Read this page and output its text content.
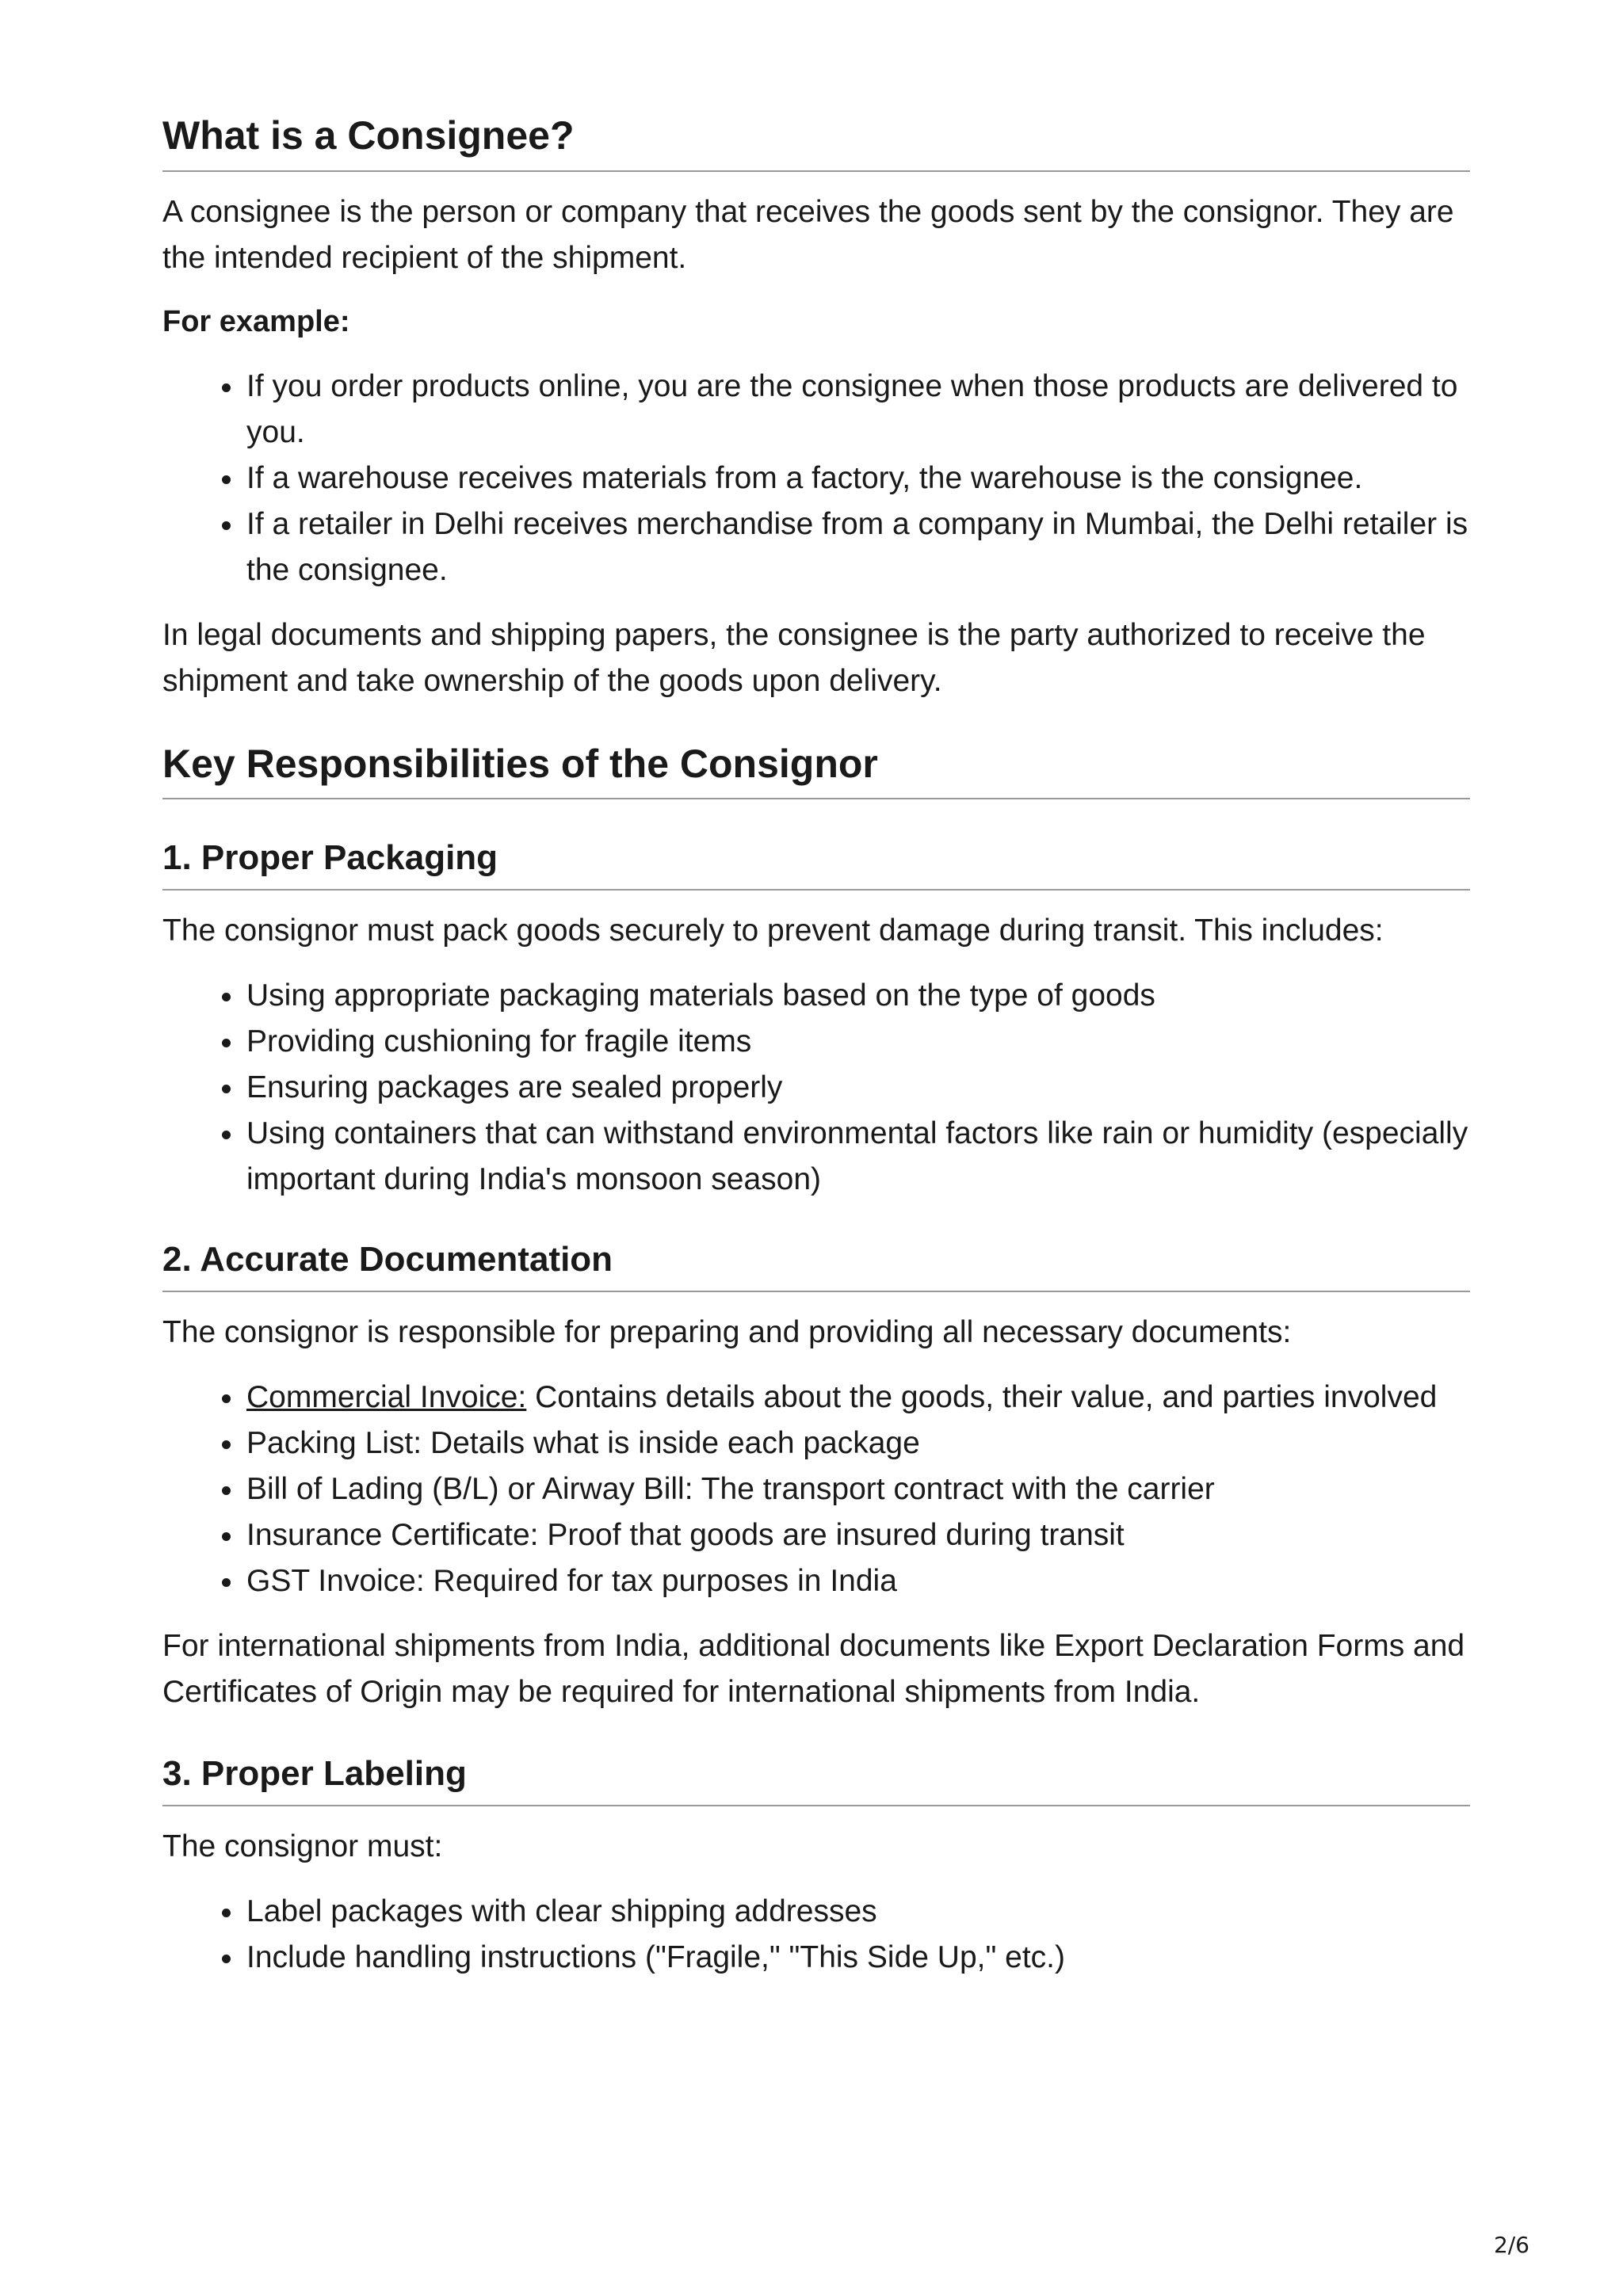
What is a Consignee?

A consignee is the person or company that receives the goods sent by the consignor. They are the intended recipient of the shipment.

For example:

• If you order products online, you are the consignee when those products are delivered to you.
• If a warehouse receives materials from a factory, the warehouse is the consignee.
• If a retailer in Delhi receives merchandise from a company in Mumbai, the Delhi retailer is the consignee.

In legal documents and shipping papers, the consignee is the party authorized to receive the shipment and take ownership of the goods upon delivery.

Key Responsibilities of the Consignor
1. Proper Packaging

The consignor must pack goods securely to prevent damage during transit. This includes:

• Using appropriate packaging materials based on the type of goods
• Providing cushioning for fragile items
• Ensuring packages are sealed properly
• Using containers that can withstand environmental factors like rain or humidity (especially important during India's monsoon season)
2. Accurate Documentation

The consignor is responsible for preparing and providing all necessary documents:

• Commercial Invoice: Contains details about the goods, their value, and parties involved
• Packing List: Details what is inside each package
• Bill of Lading (B/L) or Airway Bill: The transport contract with the carrier
• Insurance Certificate: Proof that goods are insured during transit
• GST Invoice: Required for tax purposes in India

For international shipments from India, additional documents like Export Declaration Forms and Certificates of Origin may be required for international shipments from India.

3. Proper Labeling

The consignor must:

• Label packages with clear shipping addresses
• Include handling instructions ("Fragile," "This Side Up," etc.)
2/6
